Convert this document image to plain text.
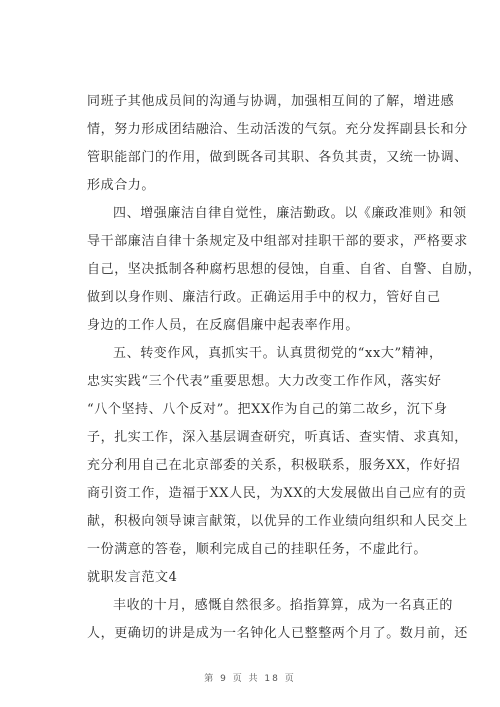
同班子其他成员间的沟通与协调，加强相互间的了解，增进感
情，努力形成团结融洽、生动活泼的气氛。充分发挥副县长和分
管职能部门的作用，做到既各司其职、各负其责，又统一协调、
形成合力。
四、增强廉洁自律自觉性，廉洁勤政。以《廉政准则》和领
导干部廉洁自律十条规定及中组部对挂职干部的要求，严格要求
自己，坚决抵制各种腐朽思想的侵蚀，自重、自省、自警、自励，
做到以身作则、廉洁行政。正确运用手中的权力，管好自己
身边的工作人员，在反腐倡廉中起表率作用。
五、转变作风，真抓实干。认真贯彻党的“xx大”精神，
忠实实践“三个代表”重要思想。大力改变工作作风，落实好
“八个坚持、八个反对”。把XX作为自己的第二故乡，沉下身
子，扎实工作，深入基层调查研究，听真话、查实情、求真知，
充分利用自己在北京部委的关系，积极联系，服务XX，作好招
商引资工作，造福于XX人民，为XX的大发展做出自己应有的贡
献，积极向领导谏言献策，以优异的工作业绩向组织和人民交上
一份满意的答卷，顺利完成自己的挂职任务，不虚此行。
就职发言范文4
丰收的十月，感慨自然很多。掐指算算，成为一名真正的
人，更确切的讲是成为一名钟化人已整整两个月了。数月前，还
第 9 页 共 18 页
